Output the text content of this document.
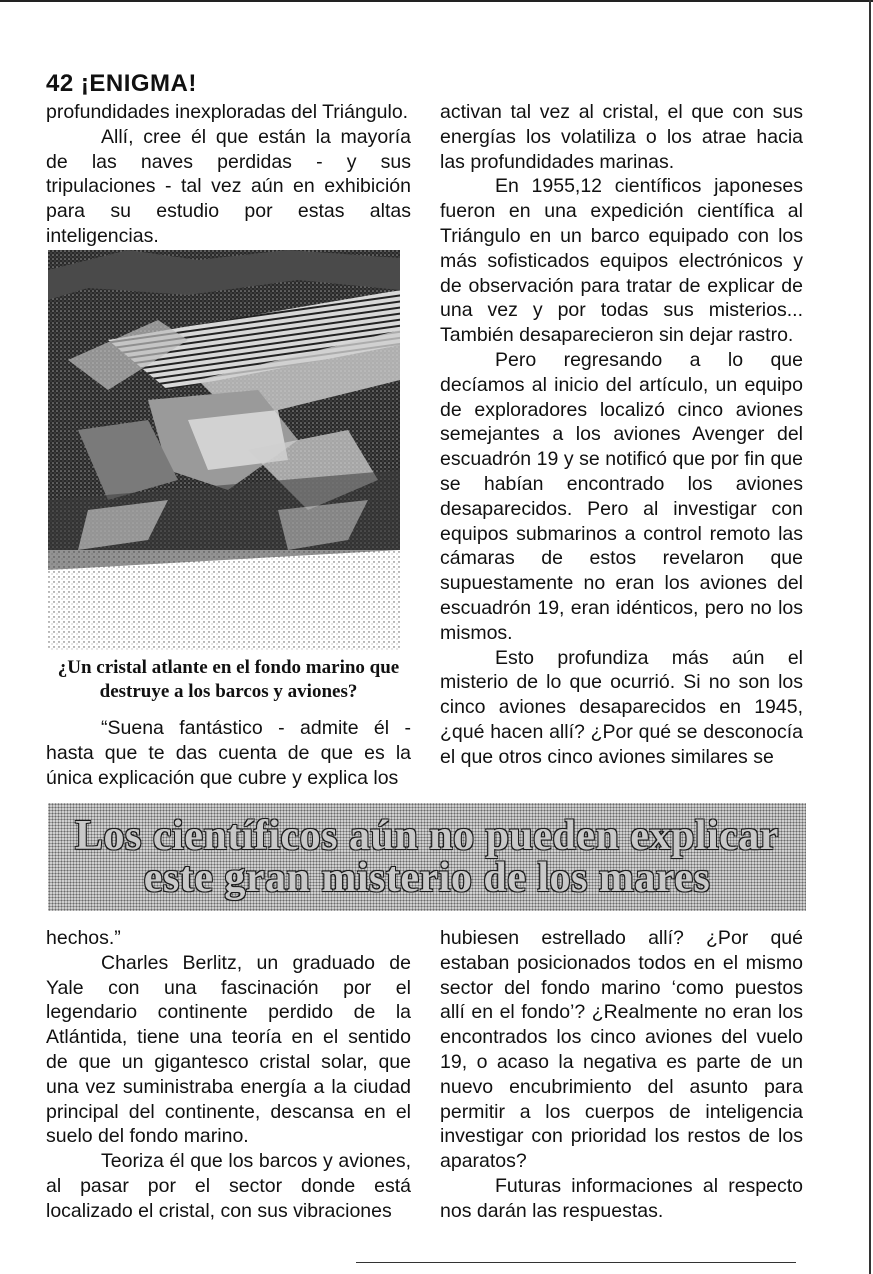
42 ¡ENIGMA!

profundidades inexploradas del Triángulo.

Allí, cree él que están la mayoría de las naves perdidas - y sus tripulaciones - tal vez aún en exhibición para su estudio por estas altas inteligencias.

¿Un cristal atlante en el fondo marino que destruye a los barcos y aviones?

“Suena fantástico - admite él - hasta que te das cuenta de que es la única explicación que cubre y explica los

activan tal vez al cristal, el que con sus energías los volatiliza o los atrae hacia las profundidades marinas.

En 1955,12 científicos japoneses fueron en una expedición científica al Triángulo en un barco equipado con los más sofisticados equipos electrónicos y de observación para tratar de explicar de una vez y por todas sus misterios... También desaparecieron sin dejar rastro.

Pero regresando a lo que decíamos al inicio del artículo, un equipo de exploradores localizó cinco aviones semejantes a los aviones Avenger del escuadrón 19 y se notificó que por fin que se habían encontrado los aviones desaparecidos. Pero al investigar con equipos submarinos a control remoto las cámaras de estos revelaron que supuestamente no eran los aviones del escuadrón 19, eran idénticos, pero no los mismos.

Esto profundiza más aún el misterio de lo que ocurrió. Si no son los cinco aviones desaparecidos en 1945, ¿qué hacen allí? ¿Por qué se desconocía el que otros cinco aviones similares se

Los científicos aún no pueden explicar
este gran misterio de los mares

hechos.”

Charles Berlitz, un graduado de Yale con una fascinación por el legendario continente perdido de la Atlántida, tiene una teoría en el sentido de que un gigantesco cristal solar, que una vez suministraba energía a la ciudad principal del continente, descansa en el suelo del fondo marino.

Teoriza él que los barcos y aviones, al pasar por el sector donde está localizado el cristal, con sus vibraciones

hubiesen estrellado allí? ¿Por qué estaban posicionados todos en el mismo sector del fondo marino ‘como puestos allí en el fondo’? ¿Realmente no eran los encontrados los cinco aviones del vuelo 19, o acaso la negativa es parte de un nuevo encubrimiento del asunto para permitir a los cuerpos de inteligencia investigar con prioridad los restos de los aparatos?

Futuras informaciones al respecto nos darán las respuestas.
